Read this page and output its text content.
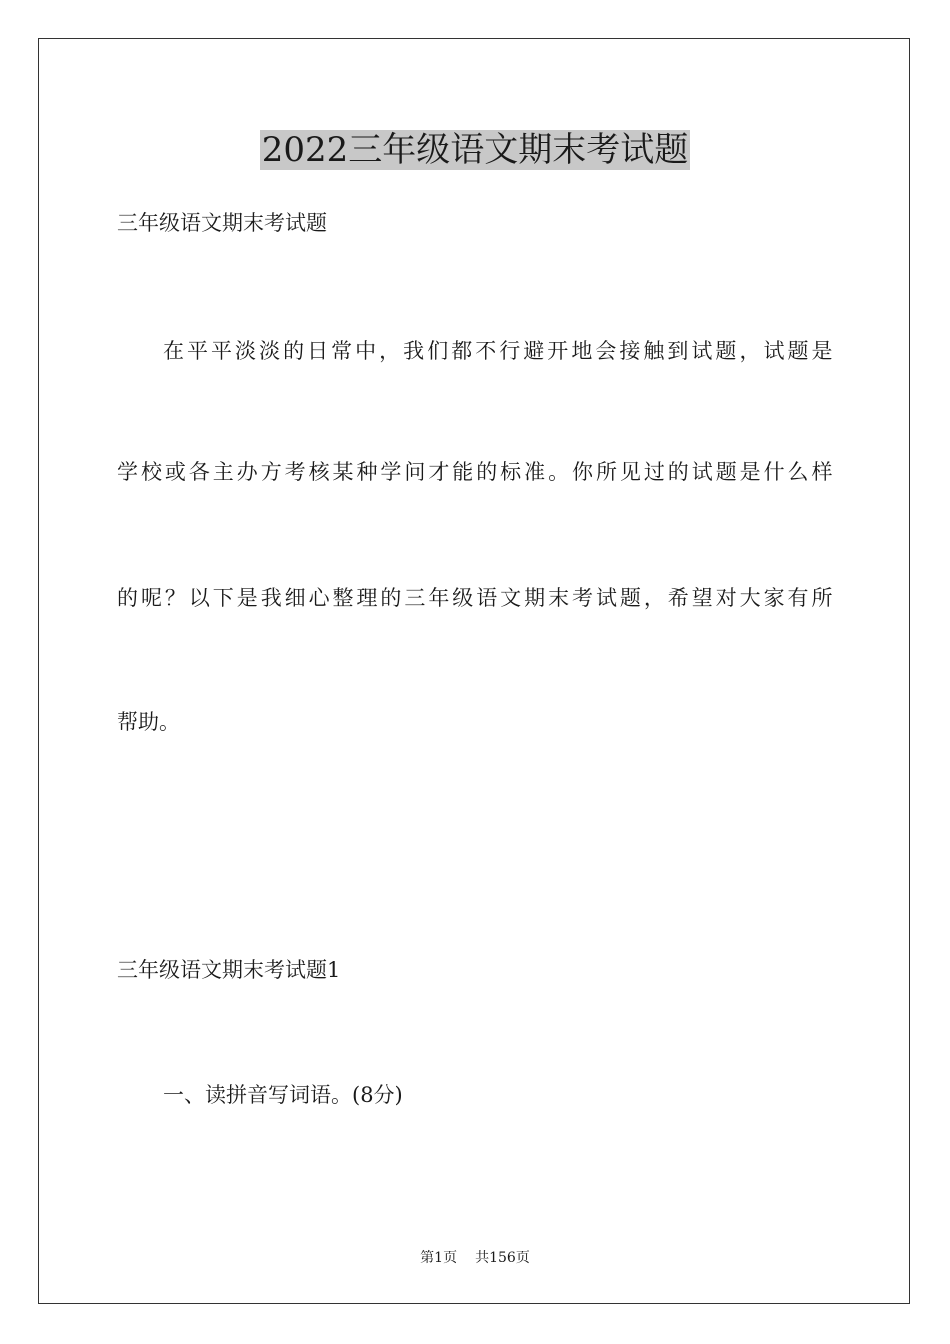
2022三年级语文期末考试题
三年级语文期末考试题
在平平淡淡的日常中，我们都不行避开地会接触到试题，试题是
学校或各主办方考核某种学问才能的标准。你所见过的试题是什么样
的呢？以下是我细心整理的三年级语文期末考试题，希望对大家有所
帮助。
三年级语文期末考试题1
一、读拼音写词语。(8分)
第1页 共156页
